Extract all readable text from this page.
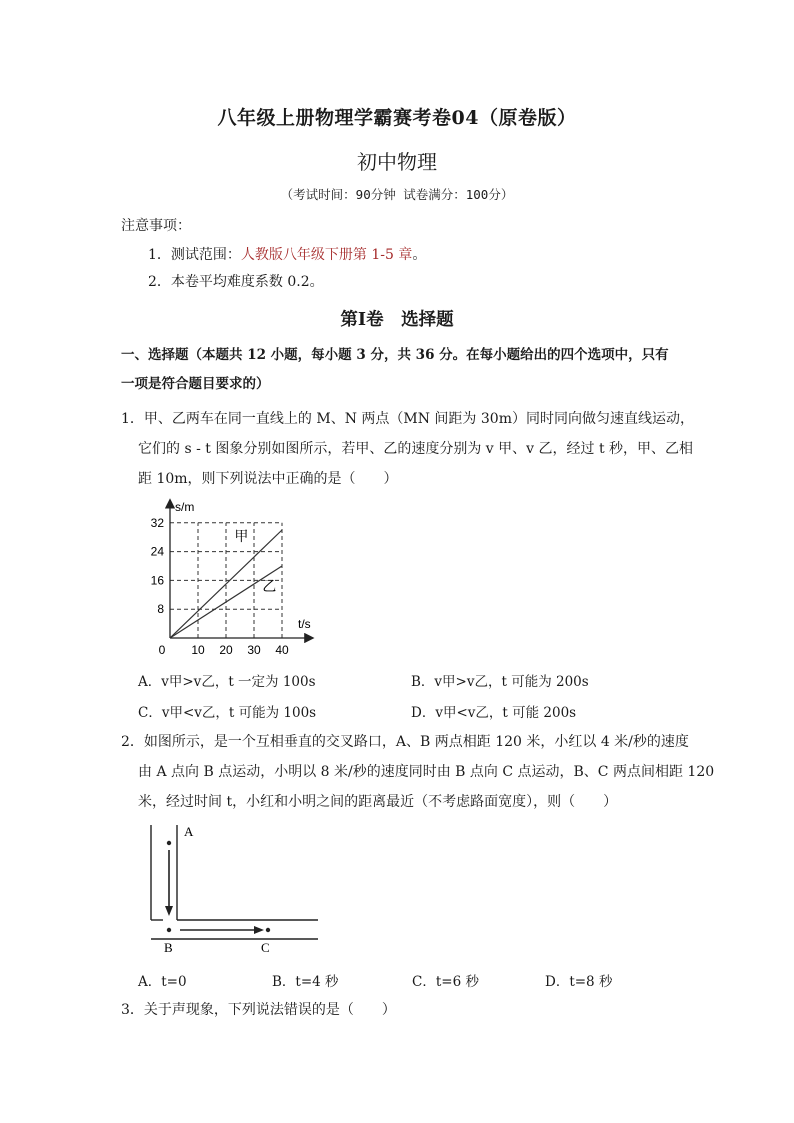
八年级上册物理学霸赛考卷04（原卷版）
初中物理
（考试时间：90分钟 试卷满分：100分）
注意事项：
1．测试范围：人教版八年级下册第 1-5 章。
2．本卷平均难度系数 0.2。
第Ⅰ卷　选择题
一、选择题（本题共 12 小题，每小题 3 分，共 36 分。在每小题给出的四个选项中，只有
一项是符合题目要求的）
1．甲、乙两车在同一直线上的 M、N 两点（MN 间距为 30m）同时同向做匀速直线运动，
它们的 s - t 图象分别如图所示，若甲、乙的速度分别为 v 甲、v 乙，经过 t 秒，甲、乙相
距 10m，则下列说法中正确的是（　　）
s/m
t/s
0 10 20 30 40
8
16
24
32
甲
乙
A．v甲>v乙，t 一定为 100s	B．v甲>v乙，t 可能为 200s
C．v甲<v乙，t 可能为 100s	D．v甲<v乙，t 可能 200s
2．如图所示，是一个互相垂直的交叉路口，A、B 两点相距 120 米，小红以 4 米/秒的速度
由 A 点向 B 点运动，小明以 8 米/秒的速度同时由 B 点向 C 点运动，B、C 两点间相距 120
米，经过时间 t，小红和小明之间的距离最近（不考虑路面宽度），则（　　）
A
B	C
A．t=0	B．t=4 秒	C．t=6 秒	D．t=8 秒
3．关于声现象，下列说法错误的是（　　）
